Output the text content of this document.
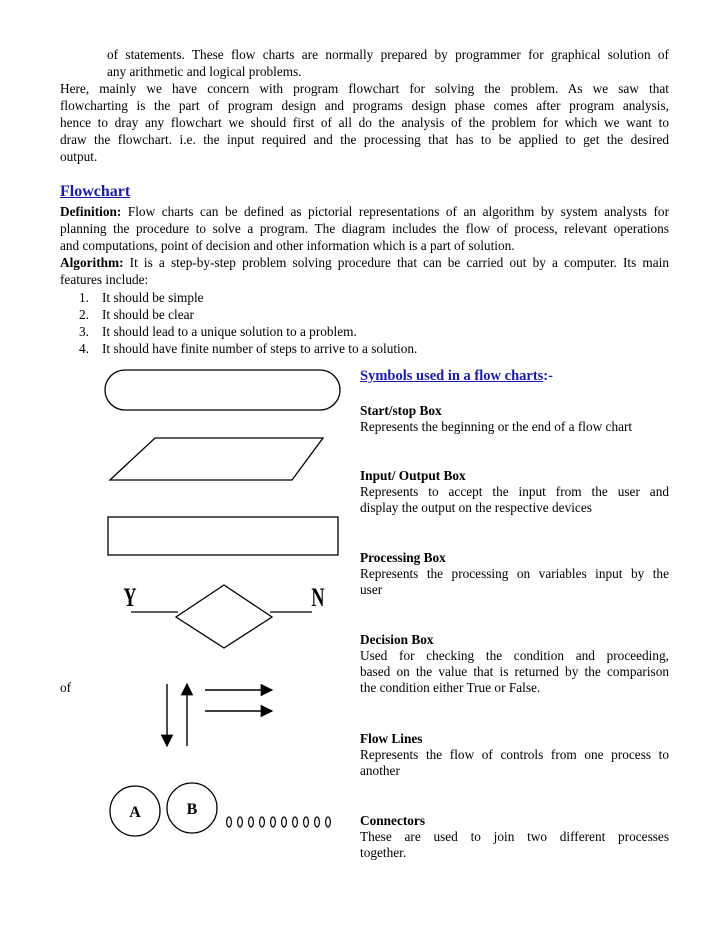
of statements. These flow charts are normally prepared by programmer for graphical solution of
any arithmetic and logical problems.
Here, mainly we have concern with program flowchart for solving the problem. As we saw that
flowcharting is the part of program design and programs design phase comes after program analysis,
hence to dray any flowchart we should first of all do the analysis of the problem for which we want to
draw the flowchart. i.e. the input required and the processing that has to be applied to get the desired
output.
Flowchart
Definition: Flow charts can be defined as pictorial representations of an algorithm by system analysts for
planning the procedure to solve a program. The diagram includes the flow of process, relevant operations
and computations, point of decision and other information which is a part of solution.
Algorithm: It is a step-by-step problem solving procedure that can be carried out by a computer. Its main
features include:
1. It should be simple
2. It should be clear
3. It should lead to a unique solution to a problem.
4. It should have finite number of steps to arrive to a solution.
Symbols used in a flow charts:-
Start/stop Box
Represents the beginning or the end of a flow chart
Input/ Output Box
Represents to accept the input from the user and
display the output on the respective devices
Processing Box
Represents the processing on variables input by the
user
Decision Box
Used for checking the condition and proceeding,
based on the value that is returned by the comparison
the condition either True or False.
Flow Lines
Represents the flow of controls from one process to
another
Connectors
These are used to join two different processes
together.
of
Y	N
A	B
